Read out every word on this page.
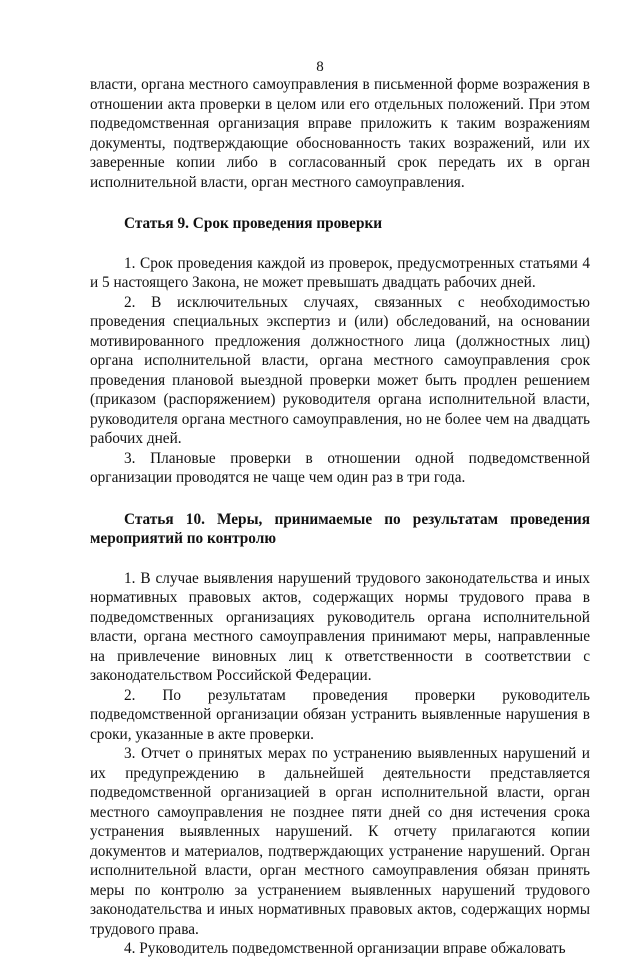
8

власти, органа местного самоуправления в письменной форме возражения в отношении акта проверки в целом или его отдельных положений. При этом подведомственная организация вправе приложить к таким возражениям документы, подтверждающие обоснованность таких возражений, или их заверенные копии либо в согласованный срок передать их в орган исполнительной власти, орган местного самоуправления.

Статья 9. Срок проведения проверки

1. Срок проведения каждой из проверок, предусмотренных статьями 4 и 5 настоящего Закона, не может превышать двадцать рабочих дней.

2. В исключительных случаях, связанных с необходимостью проведения специальных экспертиз и (или) обследований, на основании мотивированного предложения должностного лица (должностных лиц) органа исполнительной власти, органа местного самоуправления срок проведения плановой выездной проверки может быть продлен решением (приказом (распоряжением) руководителя органа исполнительной власти, руководителя органа местного самоуправления, но не более чем на двадцать рабочих дней.

3. Плановые проверки в отношении одной подведомственной организации проводятся не чаще чем один раз в три года.

Статья 10. Меры, принимаемые по результатам проведения мероприятий по контролю

1. В случае выявления нарушений трудового законодательства и иных нормативных правовых актов, содержащих нормы трудового права в подведомственных организациях руководитель органа исполнительной власти, органа местного самоуправления принимают меры, направленные на привлечение виновных лиц к ответственности в соответствии с законодательством Российской Федерации.

2. По результатам проведения проверки руководитель подведомственной организации обязан устранить выявленные нарушения в сроки, указанные в акте проверки.

3. Отчет о принятых мерах по устранению выявленных нарушений и их предупреждению в дальнейшей деятельности представляется подведомственной организацией в орган исполнительной власти, орган местного самоуправления не позднее пяти дней со дня истечения срока устранения выявленных нарушений. К отчету прилагаются копии документов и материалов, подтверждающих устранение нарушений. Орган исполнительной власти, орган местного самоуправления обязан принять меры по контролю за устранением выявленных нарушений трудового законодательства и иных нормативных правовых актов, содержащих нормы трудового права.

4. Руководитель подведомственной организации вправе обжаловать
